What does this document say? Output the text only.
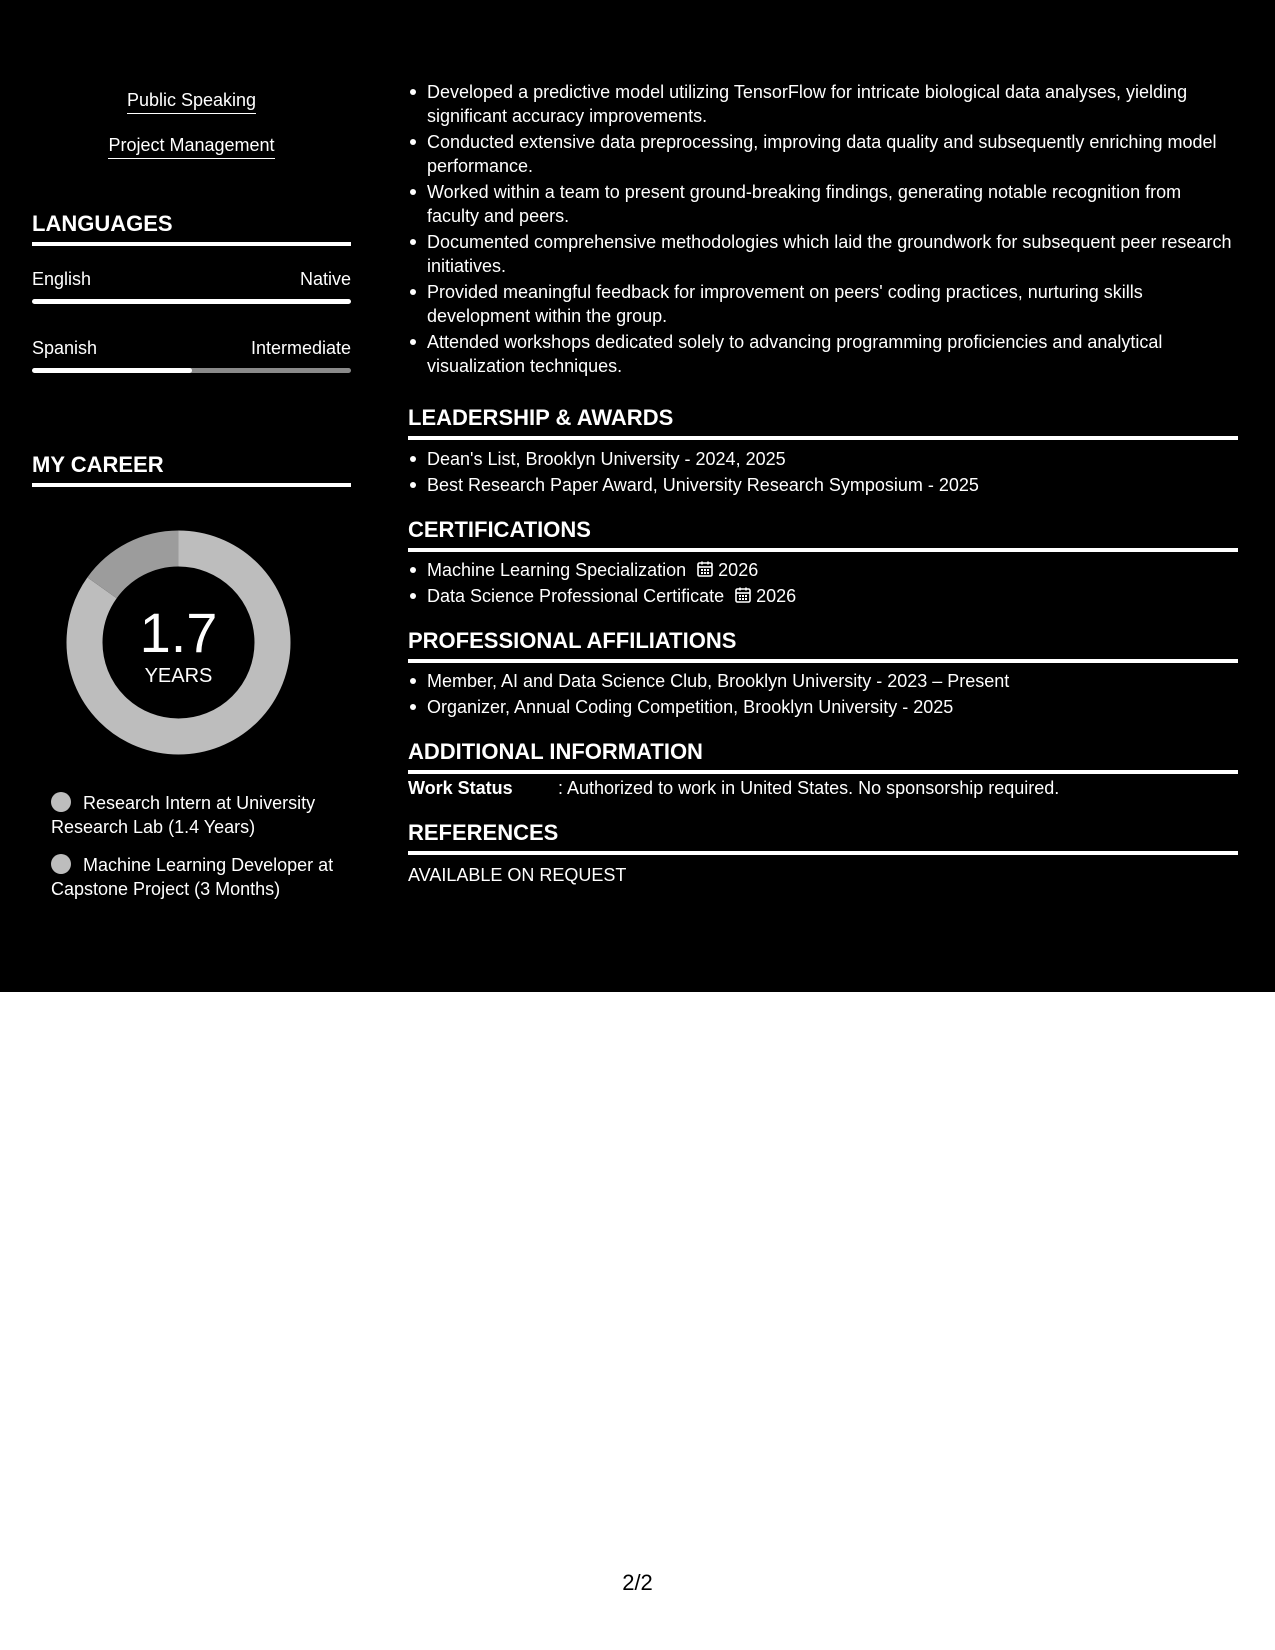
Public Speaking
Project Management
LANGUAGES
English	Native
Spanish	Intermediate
MY CAREER
1.7
YEARS
Research Intern at University Research Lab (1.4 Years)
Machine Learning Developer at Capstone Project (3 Months)
Developed a predictive model utilizing TensorFlow for intricate biological data analyses, yielding significant accuracy improvements.
Conducted extensive data preprocessing, improving data quality and subsequently enriching model performance.
Worked within a team to present ground-breaking findings, generating notable recognition from faculty and peers.
Documented comprehensive methodologies which laid the groundwork for subsequent peer research initiatives.
Provided meaningful feedback for improvement on peers' coding practices, nurturing skills development within the group.
Attended workshops dedicated solely to advancing programming proficiencies and analytical visualization techniques.
LEADERSHIP & AWARDS
Dean's List, Brooklyn University - 2024, 2025
Best Research Paper Award, University Research Symposium - 2025
CERTIFICATIONS
Machine Learning Specialization 2026
Data Science Professional Certificate 2026
PROFESSIONAL AFFILIATIONS
Member, AI and Data Science Club, Brooklyn University - 2023 – Present
Organizer, Annual Coding Competition, Brooklyn University - 2025
ADDITIONAL INFORMATION
Work Status	: Authorized to work in United States. No sponsorship required.
REFERENCES
AVAILABLE ON REQUEST
2/2
